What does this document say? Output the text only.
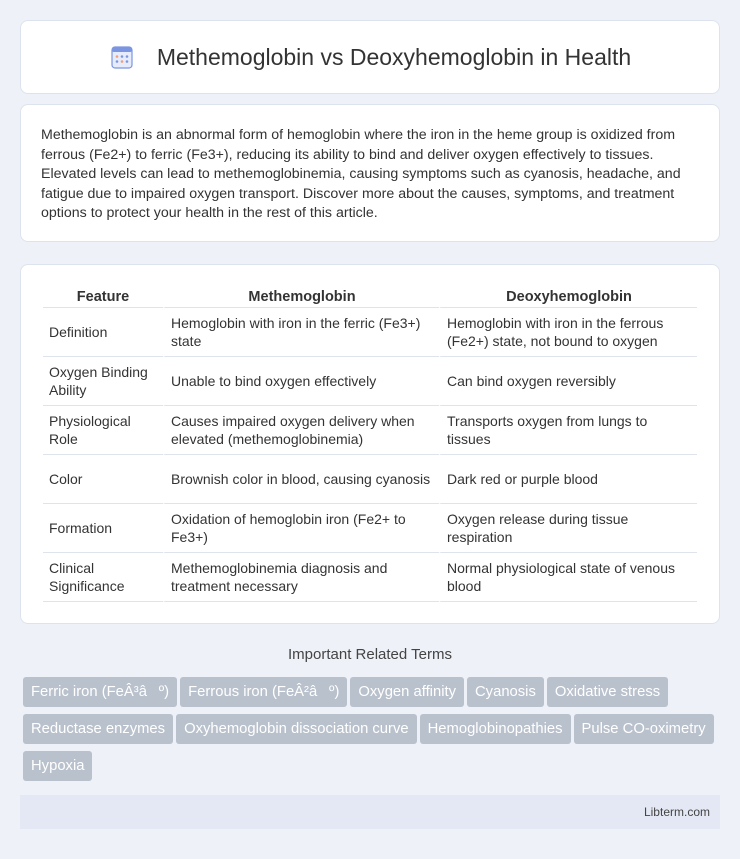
Methemoglobin vs Deoxyhemoglobin in Health

Methemoglobin is an abnormal form of hemoglobin where the iron in the heme group is oxidized from ferrous (Fe2+) to ferric (Fe3+), reducing its ability to bind and deliver oxygen effectively to tissues. Elevated levels can lead to methemoglobinemia, causing symptoms such as cyanosis, headache, and fatigue due to impaired oxygen transport. Discover more about the causes, symptoms, and treatment options to protect your health in the rest of this article.

Feature	Methemoglobin	Deoxyhemoglobin
Definition	Hemoglobin with iron in the ferric (Fe3+) state	Hemoglobin with iron in the ferrous (Fe2+) state, not bound to oxygen
Oxygen Binding Ability	Unable to bind oxygen effectively	Can bind oxygen reversibly
Physiological Role	Causes impaired oxygen delivery when elevated (methemoglobinemia)	Transports oxygen from lungs to tissues
Color	Brownish color in blood, causing cyanosis	Dark red or purple blood
Formation	Oxidation of hemoglobin iron (Fe2+ to Fe3+)	Oxygen release during tissue respiration
Clinical Significance	Methemoglobinemia diagnosis and treatment necessary	Normal physiological state of venous blood
Important Related Terms
Ferric iron (FeÂ³âº) Ferrous iron (FeÂ²âº) Oxygen affinity Cyanosis Oxidative stressReductase enzymes Oxyhemoglobin dissociation curve Hemoglobinopathies Pulse CO-oximetryHypoxia
Libterm.com
